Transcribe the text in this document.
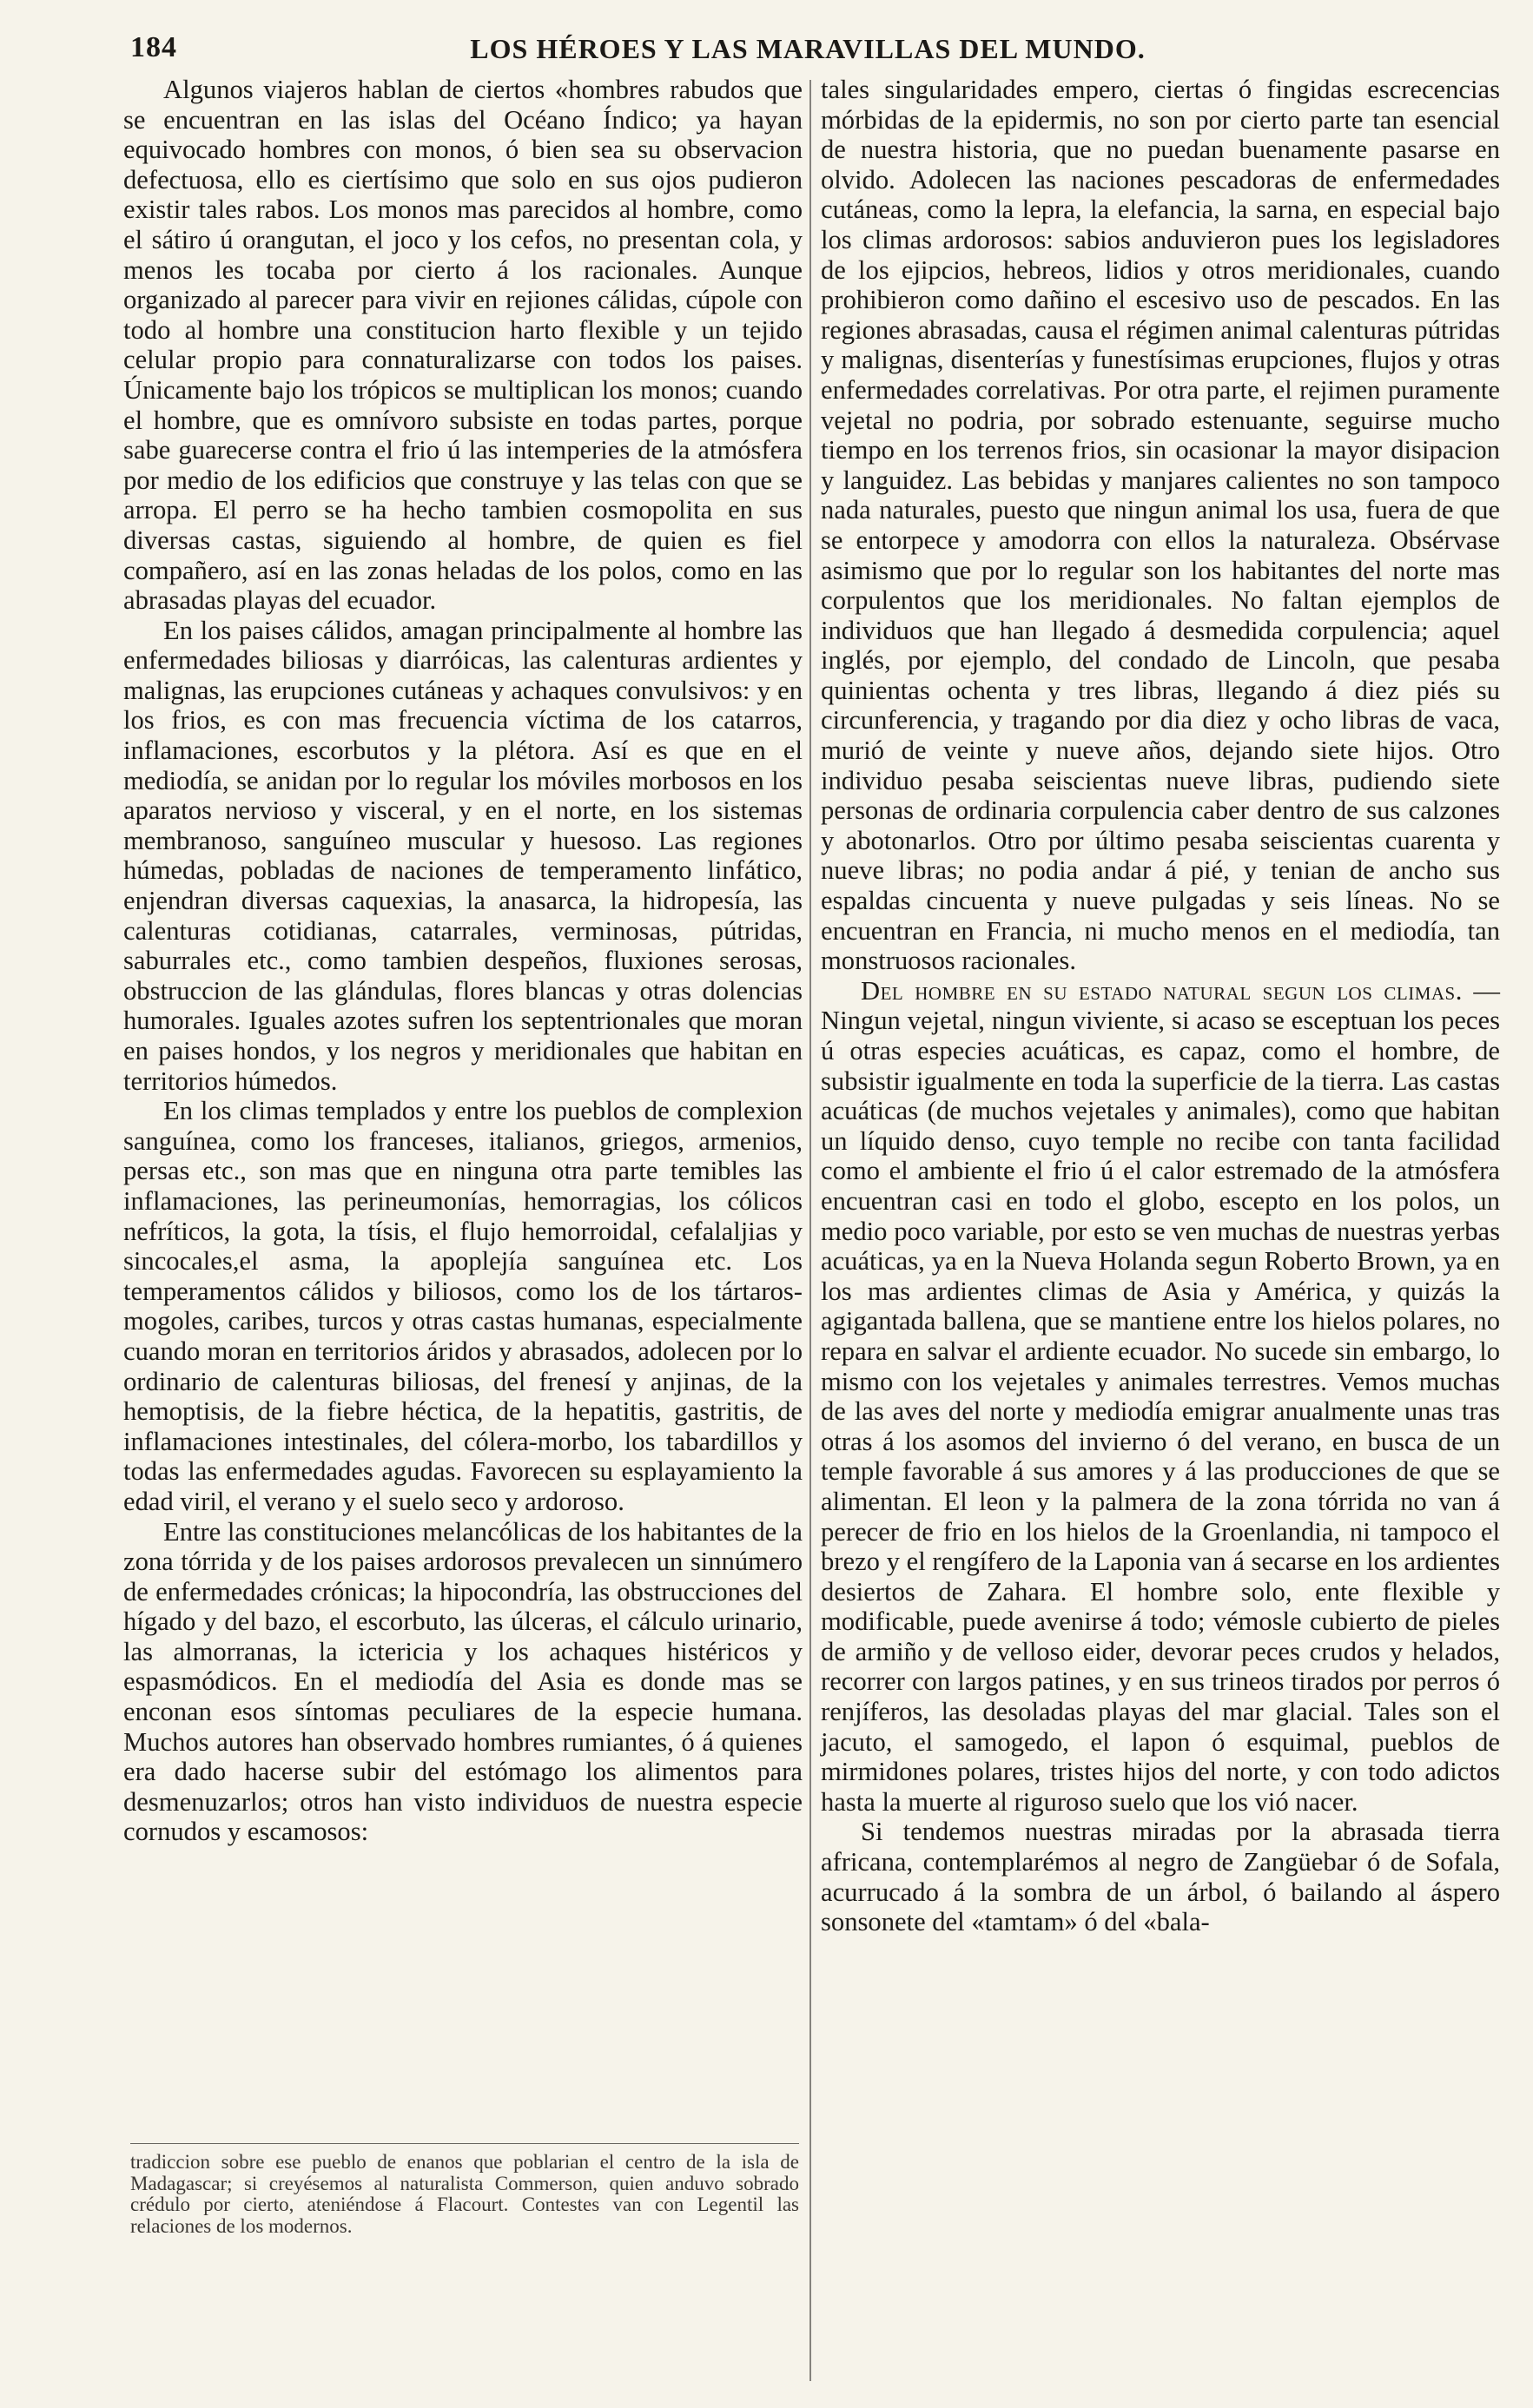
184	LOS HÉROES Y LAS MARAVILLAS DEL MUNDO.

Algunos viajeros hablan de ciertos «hombres rabudos que se encuentran en las islas del Océano Índico; ya hayan equivocado hombres con monos, ó bien sea su observacion defectuosa, ello es ciertísimo que solo en sus ojos pudieron existir tales rabos. Los monos mas parecidos al hombre, como el sátiro ú orangutan, el joco y los cefos, no presentan cola, y menos les tocaba por cierto á los racionales. Aunque organizado al parecer para vivir en rejiones cálidas, cúpole con todo al hombre una constitucion harto flexible y un tejido celular propio para connaturalizarse con todos los paises. Únicamente bajo los trópicos se multiplican los monos; cuando el hombre, que es omnívoro subsiste en todas partes, porque sabe guarecerse contra el frio ú las intemperies de la atmósfera por medio de los edificios que construye y las telas con que se arropa. El perro se ha hecho tambien cosmopolita en sus diversas castas, siguiendo al hombre, de quien es fiel compañero, así en las zonas heladas de los polos, como en las abrasadas playas del ecuador.

En los paises cálidos, amagan principalmente al hombre las enfermedades biliosas y diarróicas, las calenturas ardientes y malignas, las erupciones cutáneas y achaques convulsivos: y en los frios, es con mas frecuencia víctima de los catarros, inflamaciones, escorbutos y la plétora. Así es que en el mediodía, se anidan por lo regular los móviles morbosos en los aparatos nervioso y visceral, y en el norte, en los sistemas membranoso, sanguíneo muscular y huesoso. Las regiones húmedas, pobladas de naciones de temperamento linfático, enjendran diversas caquexias, la anasarca, la hidropesía, las calenturas cotidianas, catarrales, verminosas, pútridas, saburrales etc., como tambien despeños, fluxiones serosas, obstruccion de las glándulas, flores blancas y otras dolencias humorales. Iguales azotes sufren los septentrionales que moran en paises hondos, y los negros y meridionales que habitan en territorios húmedos.

En los climas templados y entre los pueblos de complexion sanguínea, como los franceses, italianos, griegos, armenios, persas etc., son mas que en ninguna otra parte temibles las inflamaciones, las perineumonías, hemorragias, los cólicos nefríticos, la gota, la tísis, el flujo hemorroidal, cefalaljias y sincocales,el asma, la apoplejía sanguínea etc. Los temperamentos cálidos y biliosos, como los de los tártaros-mogoles, caribes, turcos y otras castas humanas, especialmente cuando moran en territorios áridos y abrasados, adolecen por lo ordinario de calenturas biliosas, del frenesí y anjinas, de la hemoptisis, de la fiebre héctica, de la hepatitis, gastritis, de inflamaciones intestinales, del cólera-morbo, los tabardillos y todas las enfermedades agudas. Favorecen su esplayamiento la edad viril, el verano y el suelo seco y ardoroso.

Entre las constituciones melancólicas de los habitantes de la zona tórrida y de los paises ardorosos prevalecen un sinnúmero de enfermedades crónicas; la hipocondría, las obstrucciones del hígado y del bazo, el escorbuto, las úlceras, el cálculo urinario, las almorranas, la ictericia y los achaques histéricos y espasmódicos. En el mediodía del Asia es donde mas se enconan esos síntomas peculiares de la especie humana. Muchos autores han observado hombres rumiantes, ó á quienes era dado hacerse subir del estómago los alimentos para desmenuzarlos; otros han visto individuos de nuestra especie cornudos y escamosos:

tradiccion sobre ese pueblo de enanos que poblarian el centro de la isla de Madagascar; si creyésemos al naturalista Commerson, quien anduvo sobrado crédulo por cierto, ateniéndose á Flacourt. Contestes van con Legentil las relaciones de los modernos.

tales singularidades empero, ciertas ó fingidas escrecencias mórbidas de la epidermis, no son por cierto parte tan esencial de nuestra historia, que no puedan buenamente pasarse en olvido. Adolecen las naciones pescadoras de enfermedades cutáneas, como la lepra, la elefancia, la sarna, en especial bajo los climas ardorosos: sabios anduvieron pues los legisladores de los ejipcios, hebreos, lidios y otros meridionales, cuando prohibieron como dañino el escesivo uso de pescados. En las regiones abrasadas, causa el régimen animal calenturas pútridas y malignas, disenterías y funestísimas erupciones, flujos y otras enfermedades correlativas. Por otra parte, el rejimen puramente vejetal no podria, por sobrado estenuante, seguirse mucho tiempo en los terrenos frios, sin ocasionar la mayor disipacion y languidez. Las bebidas y manjares calientes no son tampoco nada naturales, puesto que ningun animal los usa, fuera de que se entorpece y amodorra con ellos la naturaleza. Obsérvase asimismo que por lo regular son los habitantes del norte mas corpulentos que los meridionales. No faltan ejemplos de individuos que han llegado á desmedida corpulencia; aquel inglés, por ejemplo, del condado de Lincoln, que pesaba quinientas ochenta y tres libras, llegando á diez piés su circunferencia, y tragando por dia diez y ocho libras de vaca, murió de veinte y nueve años, dejando siete hijos. Otro individuo pesaba seiscientas nueve libras, pudiendo siete personas de ordinaria corpulencia caber dentro de sus calzones y abotonarlos. Otro por último pesaba seiscientas cuarenta y nueve libras; no podia andar á pié, y tenian de ancho sus espaldas cincuenta y nueve pulgadas y seis líneas. No se encuentran en Francia, ni mucho menos en el mediodía, tan monstruosos racionales.

Del hombre en su estado natural segun los climas. —Ningun vejetal, ningun viviente, si acaso se esceptuan los peces ú otras especies acuáticas, es capaz, como el hombre, de subsistir igualmente en toda la superficie de la tierra. Las castas acuáticas (de muchos vejetales y animales), como que habitan un líquido denso, cuyo temple no recibe con tanta facilidad como el ambiente el frio ú el calor estremado de la atmósfera encuentran casi en todo el globo, escepto en los polos, un medio poco variable, por esto se ven muchas de nuestras yerbas acuáticas, ya en la Nueva Holanda segun Roberto Brown, ya en los mas ardientes climas de Asia y América, y quizás la agigantada ballena, que se mantiene entre los hielos polares, no repara en salvar el ardiente ecuador. No sucede sin embargo, lo mismo con los vejetales y animales terrestres. Vemos muchas de las aves del norte y mediodía emigrar anualmente unas tras otras á los asomos del invierno ó del verano, en busca de un temple favorable á sus amores y á las producciones de que se alimentan. El leon y la palmera de la zona tórrida no van á perecer de frio en los hielos de la Groenlandia, ni tampoco el brezo y el rengífero de la Laponia van á secarse en los ardientes desiertos de Zahara. El hombre solo, ente flexible y modificable, puede avenirse á todo; vémosle cubierto de pieles de armiño y de velloso eider, devorar peces crudos y helados, recorrer con largos patines, y en sus trineos tirados por perros ó renjíferos, las desoladas playas del mar glacial. Tales son el jacuto, el samogedo, el lapon ó esquimal, pueblos de mirmidones polares, tristes hijos del norte, y con todo adictos hasta la muerte al riguroso suelo que los vió nacer.

Si tendemos nuestras miradas por la abrasada tierra africana, contemplarémos al negro de Zangüebar ó de Sofala, acurrucado á la sombra de un árbol, ó bailando al áspero sonsonete del «tamtam» ó del «bala-
